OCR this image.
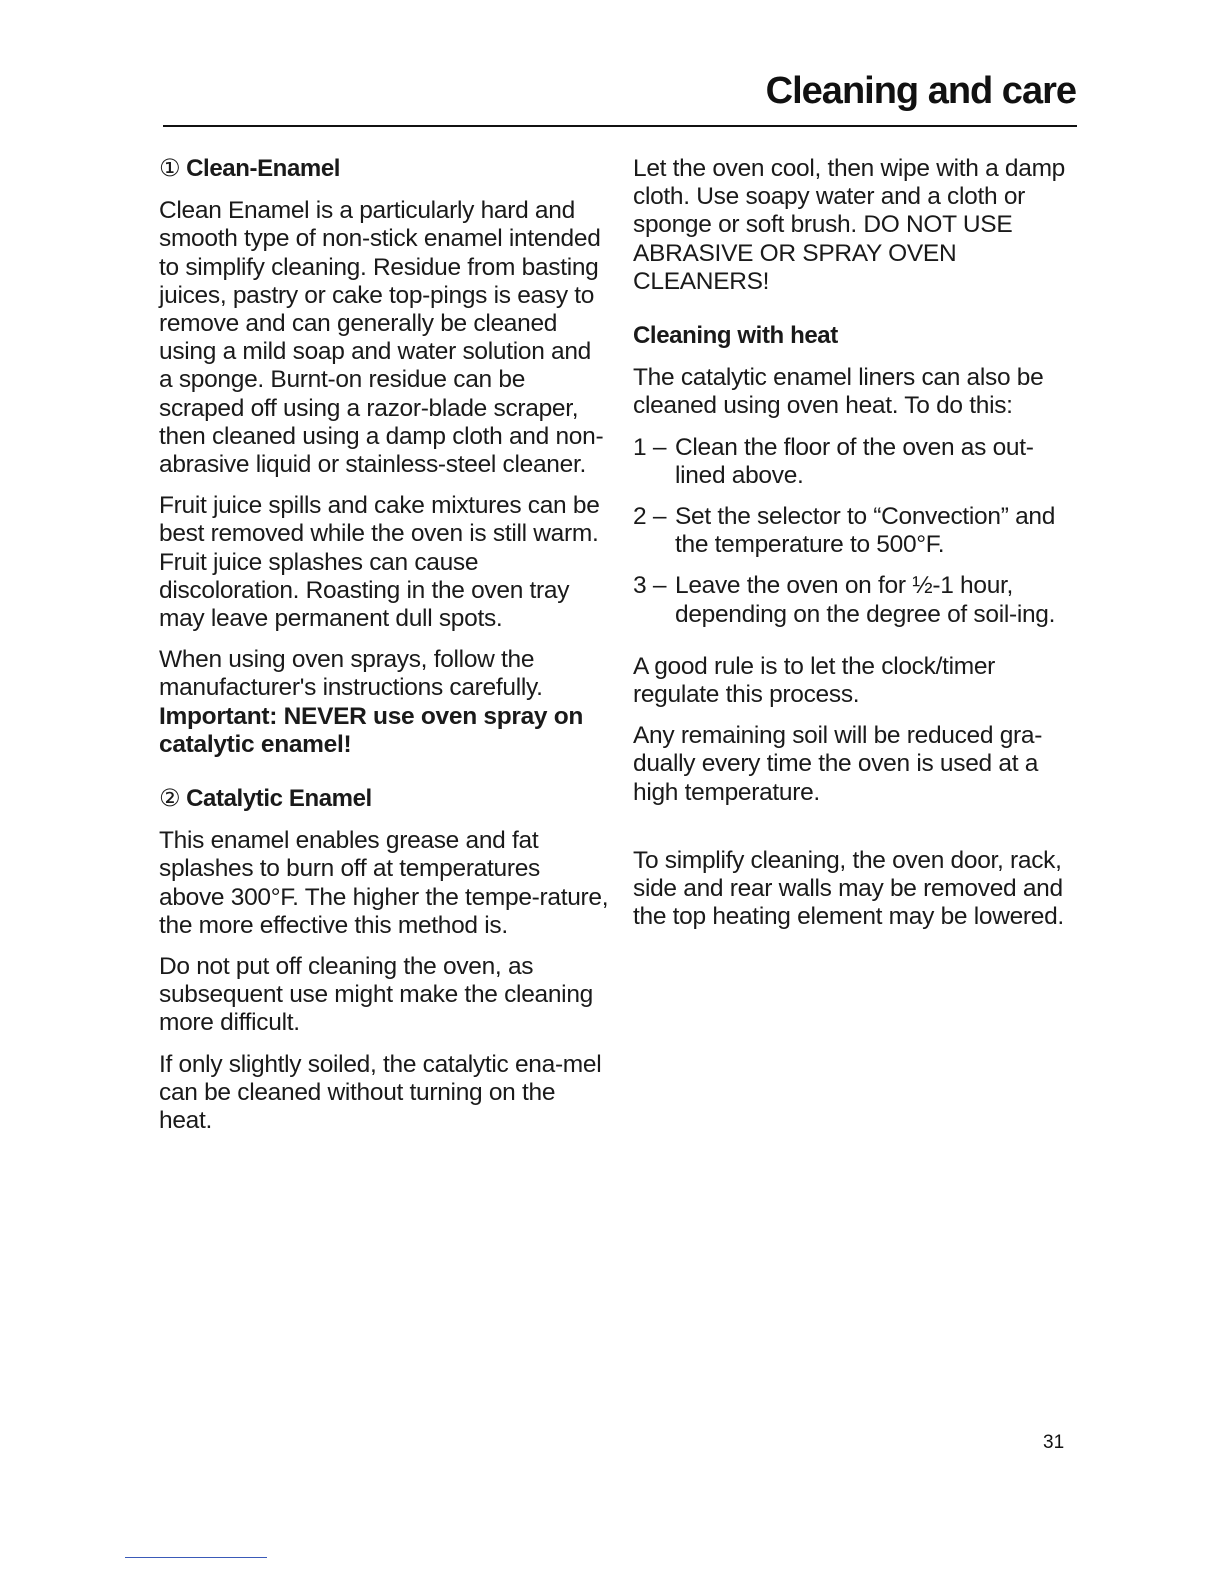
Cleaning and care
① Clean-Enamel

Clean Enamel is a particularly hard and smooth type of non-stick enamel intended to simplify cleaning. Residue from basting juices, pastry or cake top-pings is easy to remove and can generally be cleaned using a mild soap and water solution and a sponge. Burnt-on residue can be scraped off using a razor-blade scraper, then cleaned using a damp cloth and non-abrasive liquid or stainless-steel cleaner.

Fruit juice spills and cake mixtures can be best removed while the oven is still warm. Fruit juice splashes can cause discoloration. Roasting in the oven tray may leave permanent dull spots.

When using oven sprays, follow the manufacturer's instructions carefully.
Important: NEVER use oven spray on catalytic enamel!

② Catalytic Enamel

This enamel enables grease and fat splashes to burn off at temperatures above 300°F. The higher the tempe-rature, the more effective this method is.

Do not put off cleaning the oven, as subsequent use might make the cleaning more difficult.

If only slightly soiled, the catalytic ena-mel can be cleaned without turning on the heat.

Let the oven cool, then wipe with a damp cloth. Use soapy water and a cloth or sponge or soft brush. DO NOT USE ABRASIVE OR SPRAY OVEN CLEANERS!

Cleaning with heat

The catalytic enamel liners can also be cleaned using oven heat. To do this:

1 – Clean the floor of the oven as out-lined above.
2 – Set the selector to “Convection” and the temperature to 500°F.
3 – Leave the oven on for ½-1 hour, depending on the degree of soil-ing.

A good rule is to let the clock/timer regulate this process.

Any remaining soil will be reduced gra-dually every time the oven is used at a high temperature.

To simplify cleaning, the oven door, rack, side and rear walls may be removed and the top heating element may be lowered.

31
